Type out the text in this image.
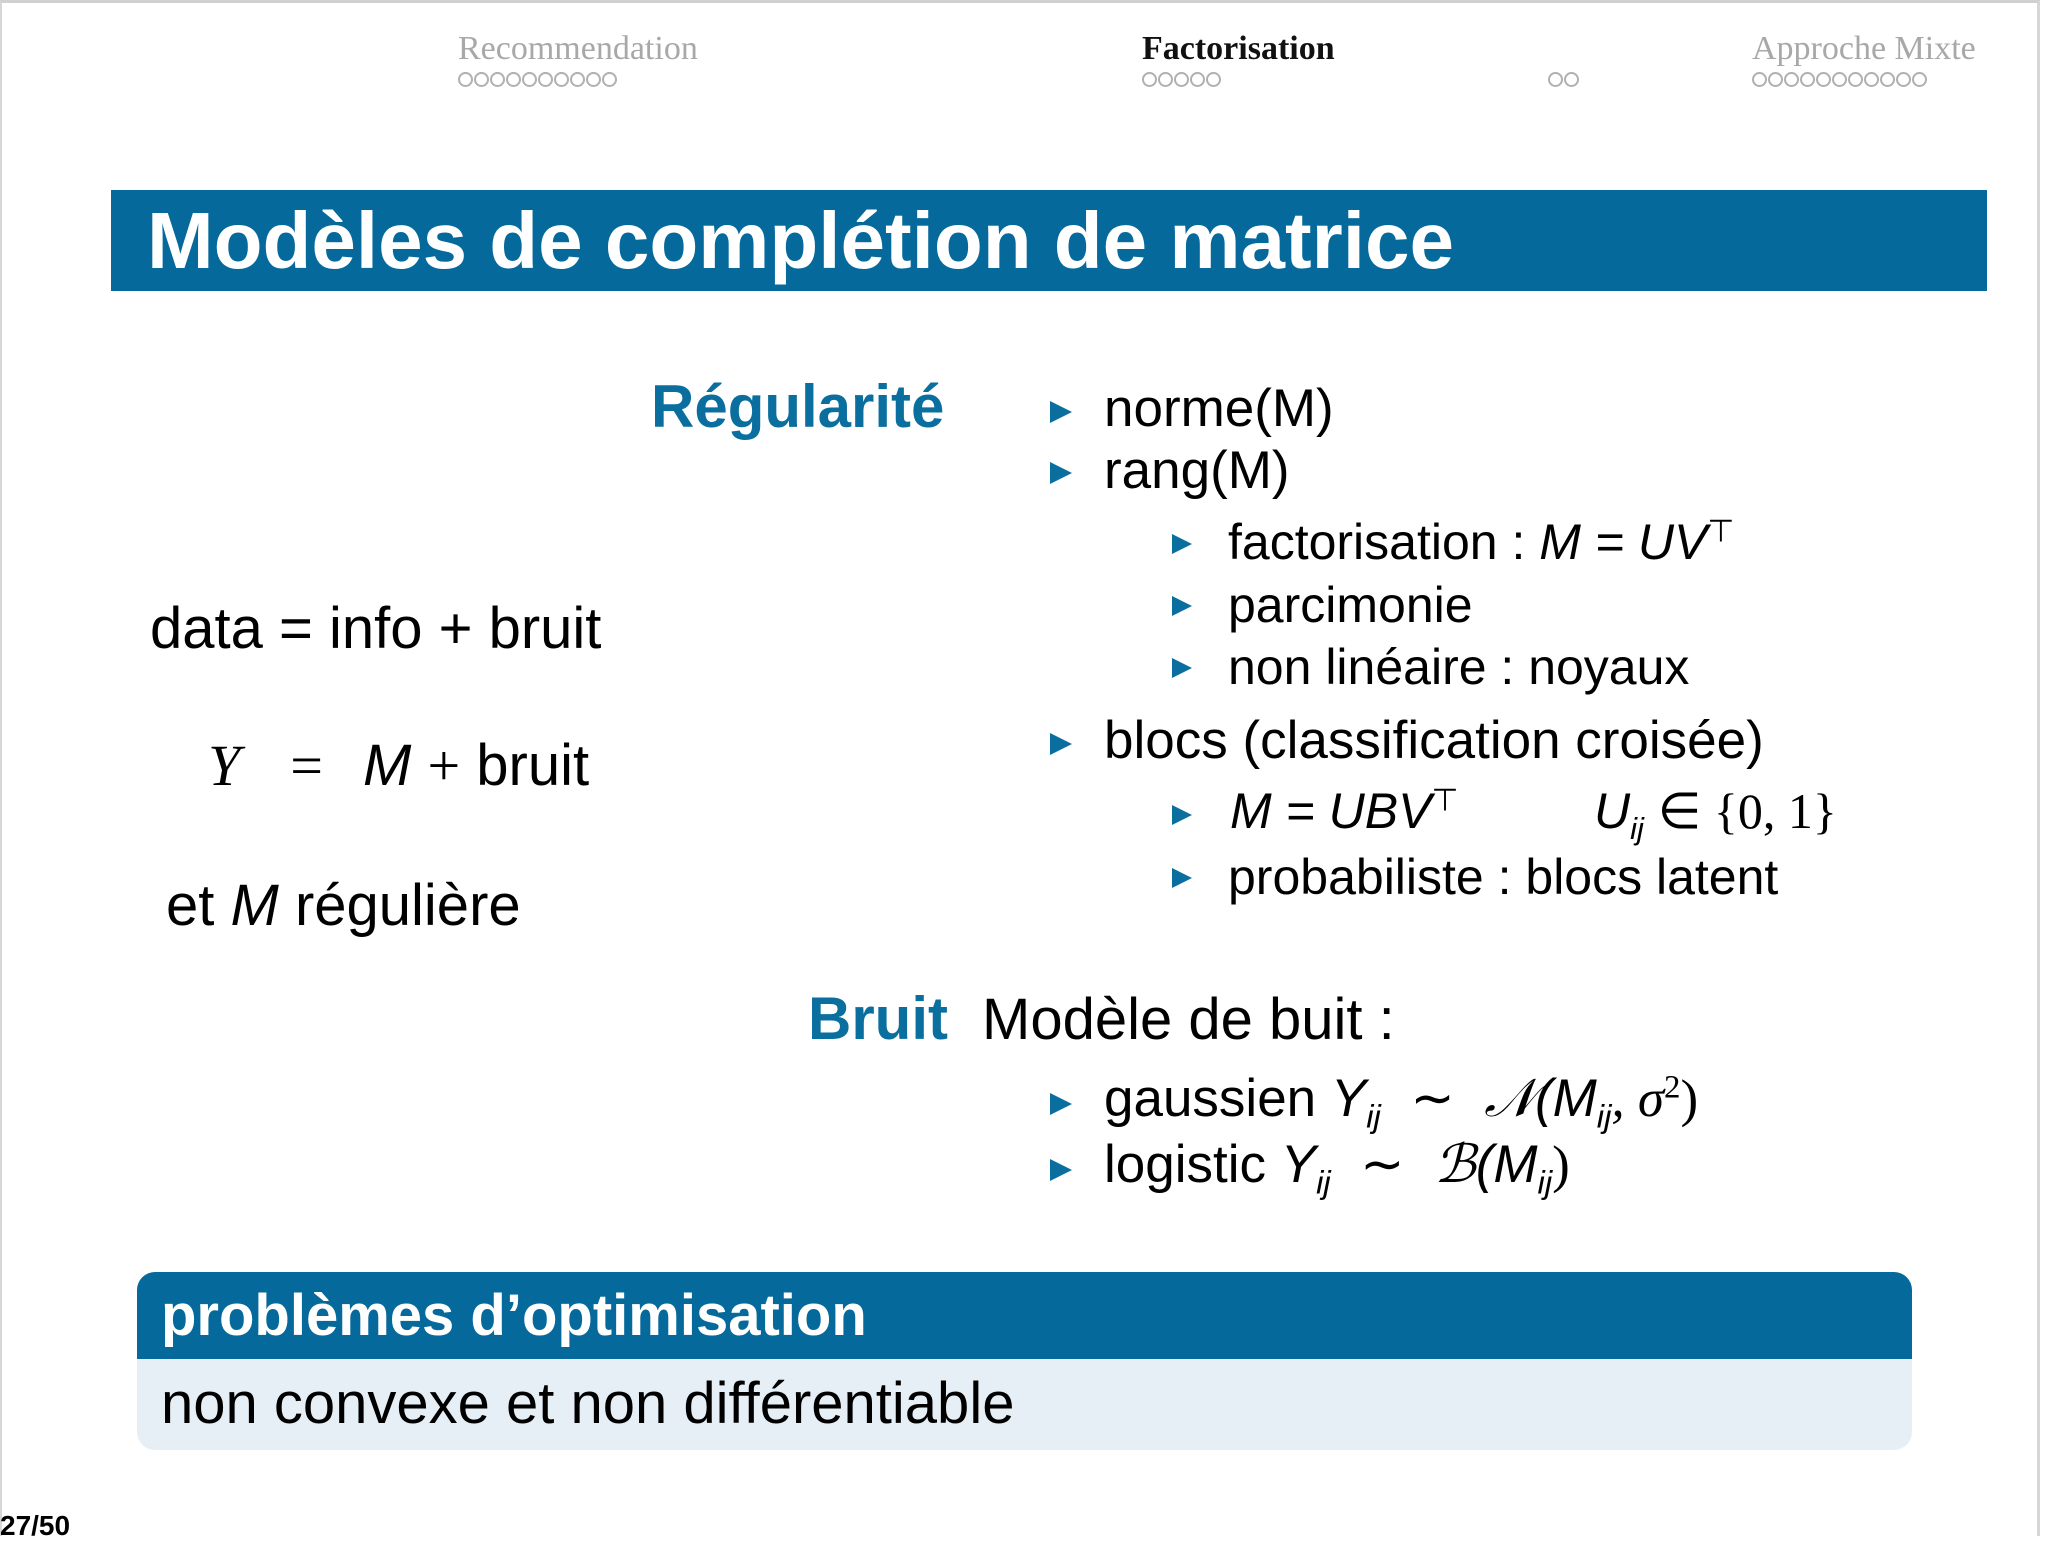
Recommendation	Factorisation
	Approche Mixte
Modèles de complétion de matrice
data = info + bruit
Y = M + bruit
et M régulière
Régularité	norme(M)
rang(M)
factorisation : M = UV⊤
parcimonie
non linéaire : noyaux
blocs (classification croisée)
M = UBV⊤	$U_{ij}$ ∈ {0, 1}
probabiliste : blocs latent
Bruit Modèle de buit :
gaussien $Y_{ij}$ ∼ $𝒩(M_{ij}$, $\sigma^2$)
logistic $Y_{ij}$ ∼ $ℬ(M_{ij})$
problèmes d’optimisation
non convexe et non différentiable
27/50
